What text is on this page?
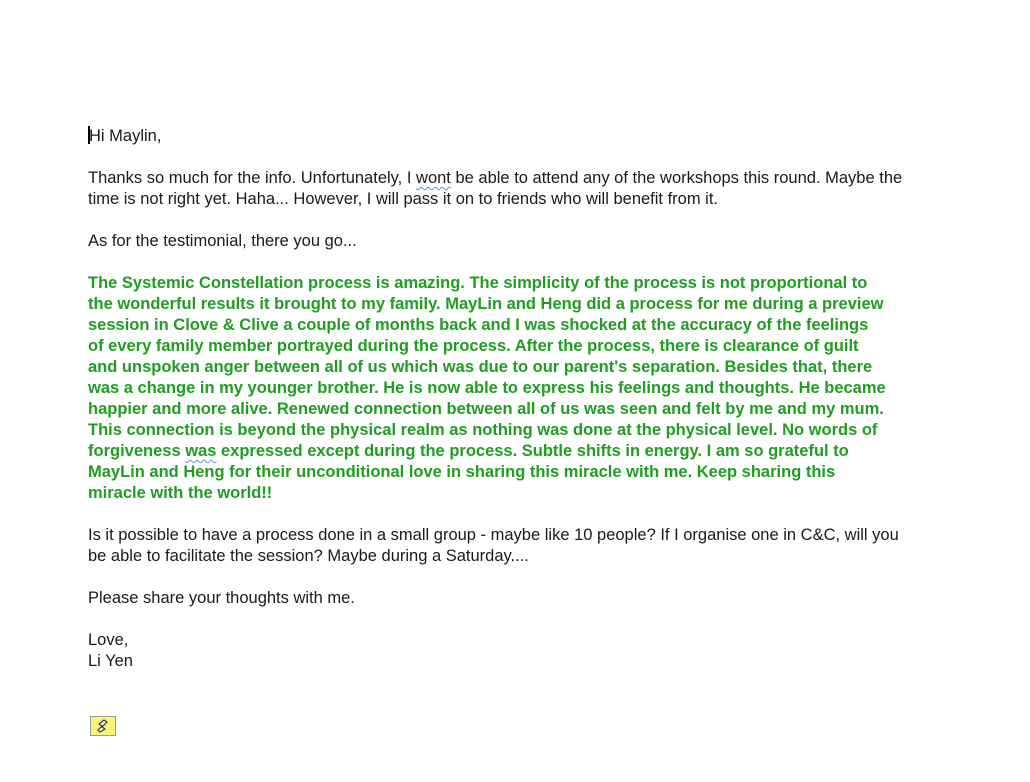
Hi Maylin,

Thanks so much for the info. Unfortunately, I wont be able to attend any of the workshops this round. Maybe the time is not right yet. Haha... However, I will pass it on to friends who will benefit from it.

As for the testimonial, there you go...

The Systemic Constellation process is amazing. The simplicity of the process is not proportional to the wonderful results it brought to my family. MayLin and Heng did a process for me during a preview session in Clove & Clive a couple of months back and I was shocked at the accuracy of the feelings of every family member portrayed during the process. After the process, there is clearance of guilt and unspoken anger between all of us which was due to our parent's separation. Besides that, there was a change in my younger brother. He is now able to express his feelings and thoughts. He became happier and more alive. Renewed connection between all of us was seen and felt by me and my mum. This connection is beyond the physical realm as nothing was done at the physical level. No words of forgiveness was expressed except during the process. Subtle shifts in energy. I am so grateful to MayLin and Heng for their unconditional love in sharing this miracle with me. Keep sharing this miracle with the world!!

Is it possible to have a process done in a small group - maybe like 10 people? If I organise one in C&C, will you be able to facilitate the session? Maybe during a Saturday....

Please share your thoughts with me.

Love,

Li Yen
